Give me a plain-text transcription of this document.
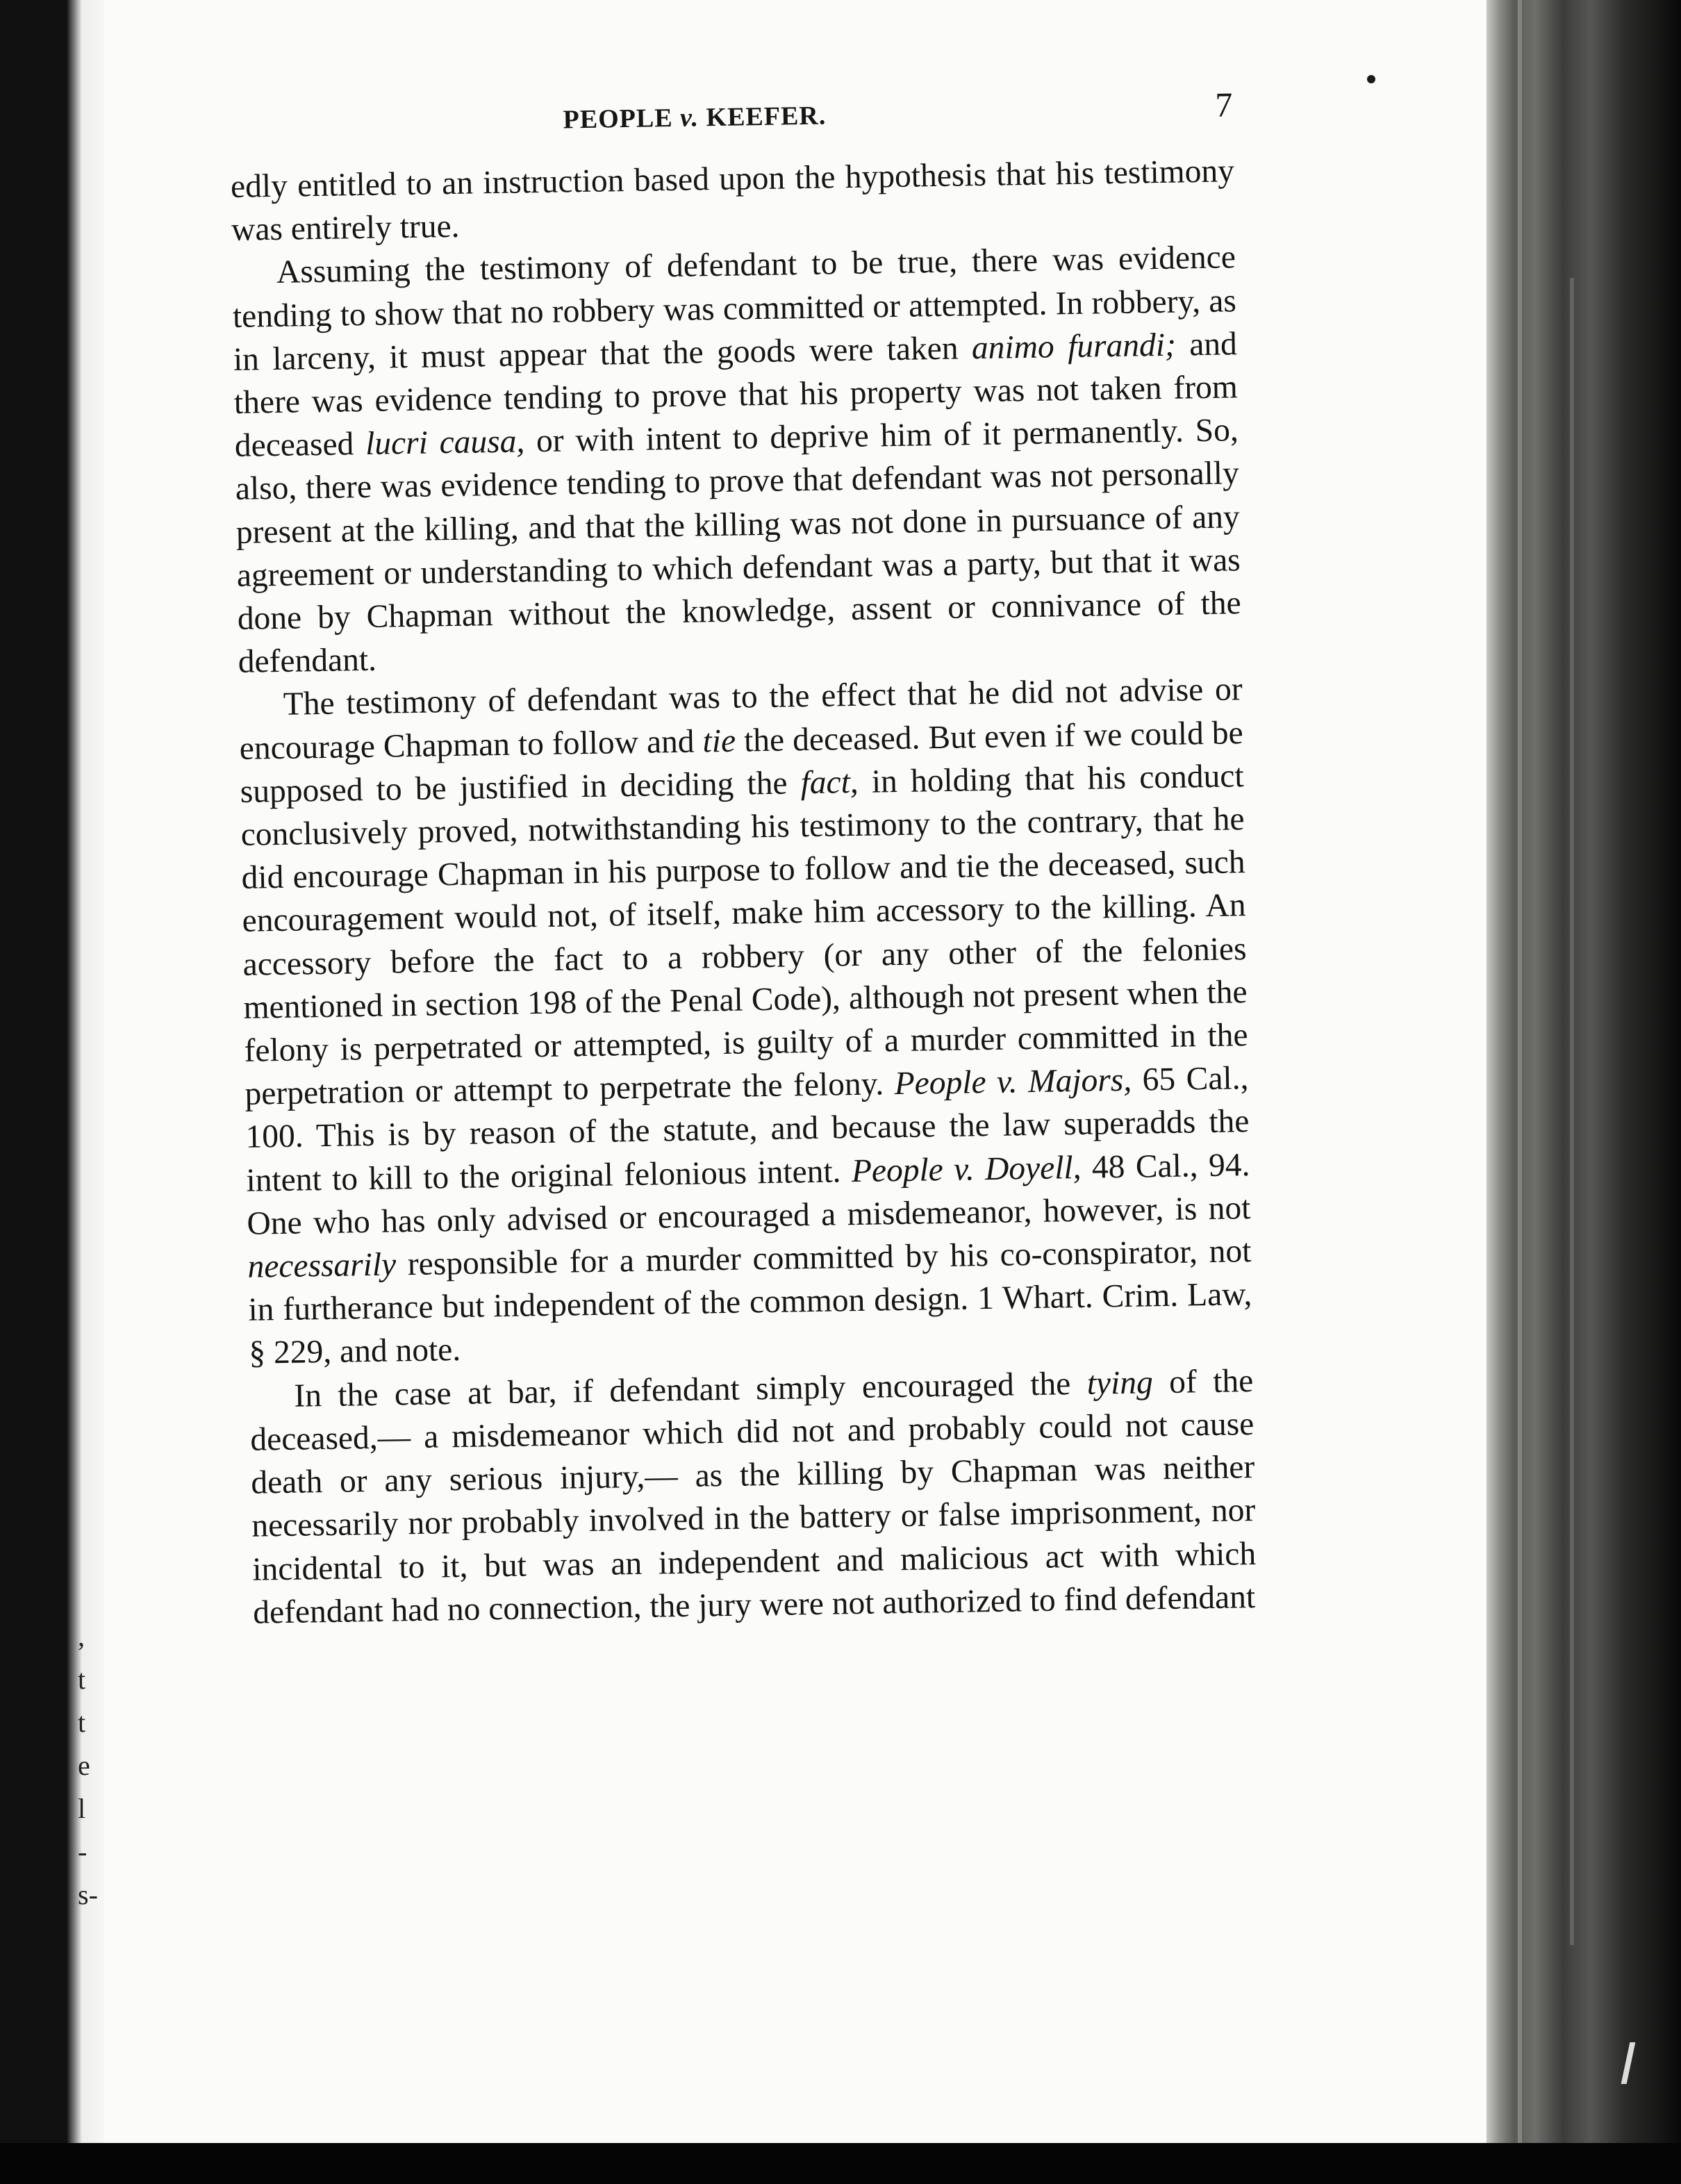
,
t
t
e
l
-
s-
PEOPLE v. KEEFER.	7

edly entitled to an instruction based upon the hypothesis that his testimony was entirely true.

Assuming the testimony of defendant to be true, there was evidence tending to show that no robbery was committed or attempted. In robbery, as in larceny, it must appear that the goods were taken animo furandi; and there was evidence tending to prove that his property was not taken from deceased lucri causa, or with intent to deprive him of it permanently. So, also, there was evidence tending to prove that defendant was not personally present at the killing, and that the killing was not done in pursuance of any agreement or understanding to which defendant was a party, but that it was done by Chapman without the knowledge, assent or connivance of the defendant.

The testimony of defendant was to the effect that he did not advise or encourage Chapman to follow and tie the deceased. But even if we could be supposed to be justified in deciding the fact, in holding that his conduct conclusively proved, notwithstanding his testimony to the contrary, that he did encourage Chapman in his purpose to follow and tie the deceased, such encouragement would not, of itself, make him accessory to the killing. An accessory before the fact to a robbery (or any other of the felonies mentioned in section 198 of the Penal Code), although not present when the felony is perpetrated or attempted, is guilty of a murder committed in the perpetration or attempt to perpetrate the felony. People v. Majors, 65 Cal., 100. This is by reason of the statute, and because the law superadds the intent to kill to the original felonious intent. People v. Doyell, 48 Cal., 94. One who has only advised or encouraged a misdemeanor, however, is not necessarily responsible for a murder committed by his co-conspirator, not in furtherance but independent of the common design. 1 Whart. Crim. Law, § 229, and note.

In the case at bar, if defendant simply encouraged the tying of the deceased,— a misdemeanor which did not and probably could not cause death or any serious injury,— as the killing by Chapman was neither necessarily nor probably involved in the battery or false imprisonment, nor incidental to it, but was an independent and malicious act with which defendant had no connection, the jury were not authorized to find defendant
